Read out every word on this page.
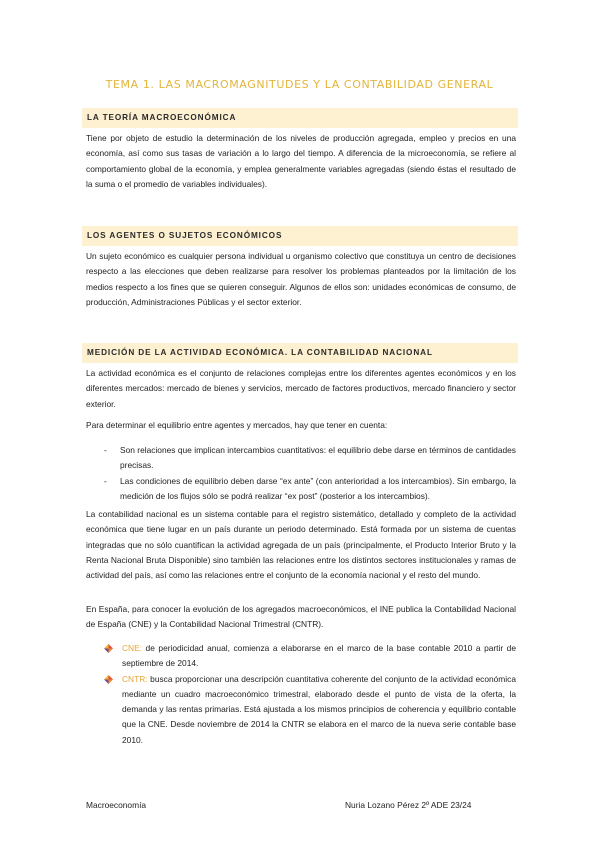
TEMA 1. LAS MACROMAGNITUDES Y LA CONTABILIDAD GENERAL
LA TEORÍA MACROECONÓMICA
Tiene por objeto de estudio la determinación de los niveles de producción agregada, empleo y precios en una economía, así como sus tasas de variación a lo largo del tiempo. A diferencia de la microeconomía, se refiere al comportamiento global de la economía, y emplea generalmente variables agregadas (siendo éstas el resultado de la suma o el promedio de variables individuales).
LOS AGENTES O SUJETOS ECONÓMICOS
Un sujeto económico es cualquier persona individual u organismo colectivo que constituya un centro de decisiones respecto a las elecciones que deben realizarse para resolver los problemas planteados por la limitación de los medios respecto a los fines que se quieren conseguir. Algunos de ellos son: unidades económicas de consumo, de producción, Administraciones Públicas y el sector exterior.
MEDICIÓN DE LA ACTIVIDAD ECONÓMICA. LA CONTABILIDAD NACIONAL
La actividad económica es el conjunto de relaciones complejas entre los diferentes agentes económicos y en los diferentes mercados: mercado de bienes y servicios, mercado de factores productivos, mercado financiero y sector exterior.
Para determinar el equilibrio entre agentes y mercados, hay que tener en cuenta:
- Son relaciones que implican intercambios cuantitativos: el equilibrio debe darse en términos de cantidades precisas.
- Las condiciones de equilibrio deben darse “ex ante” (con anterioridad a los intercambios). Sin embargo, la medición de los flujos sólo se podrá realizar “ex post” (posterior a los intercambios).
La contabilidad nacional es un sistema contable para el registro sistemático, detallado y completo de la actividad económica que tiene lugar en un país durante un periodo determinado. Está formada por un sistema de cuentas integradas que no sólo cuantifican la actividad agregada de un país (principalmente, el Producto Interior Bruto y la Renta Nacional Bruta Disponible) sino también las relaciones entre los distintos sectores institucionales y ramas de actividad del país, así como las relaciones entre el conjunto de la economía nacional y el resto del mundo.
En España, para conocer la evolución de los agregados macroeconómicos, el INE publica la Contabilidad Nacional de España (CNE) y la Contabilidad Nacional Trimestral (CNTR).
CNE: de periodicidad anual, comienza a elaborarse en el marco de la base contable 2010 a partir de septiembre de 2014.
CNTR: busca proporcionar una descripción cuantitativa coherente del conjunto de la actividad económica mediante un cuadro macroeconómico trimestral, elaborado desde el punto de vista de la oferta, la demanda y las rentas primarias. Está ajustada a los mismos principios de coherencia y equilibrio contable que la CNE. Desde noviembre de 2014 la CNTR se elabora en el marco de la nueva serie contable base 2010.
Macroeconomía	Nuria Lozano Pérez 2º ADE 23/24
